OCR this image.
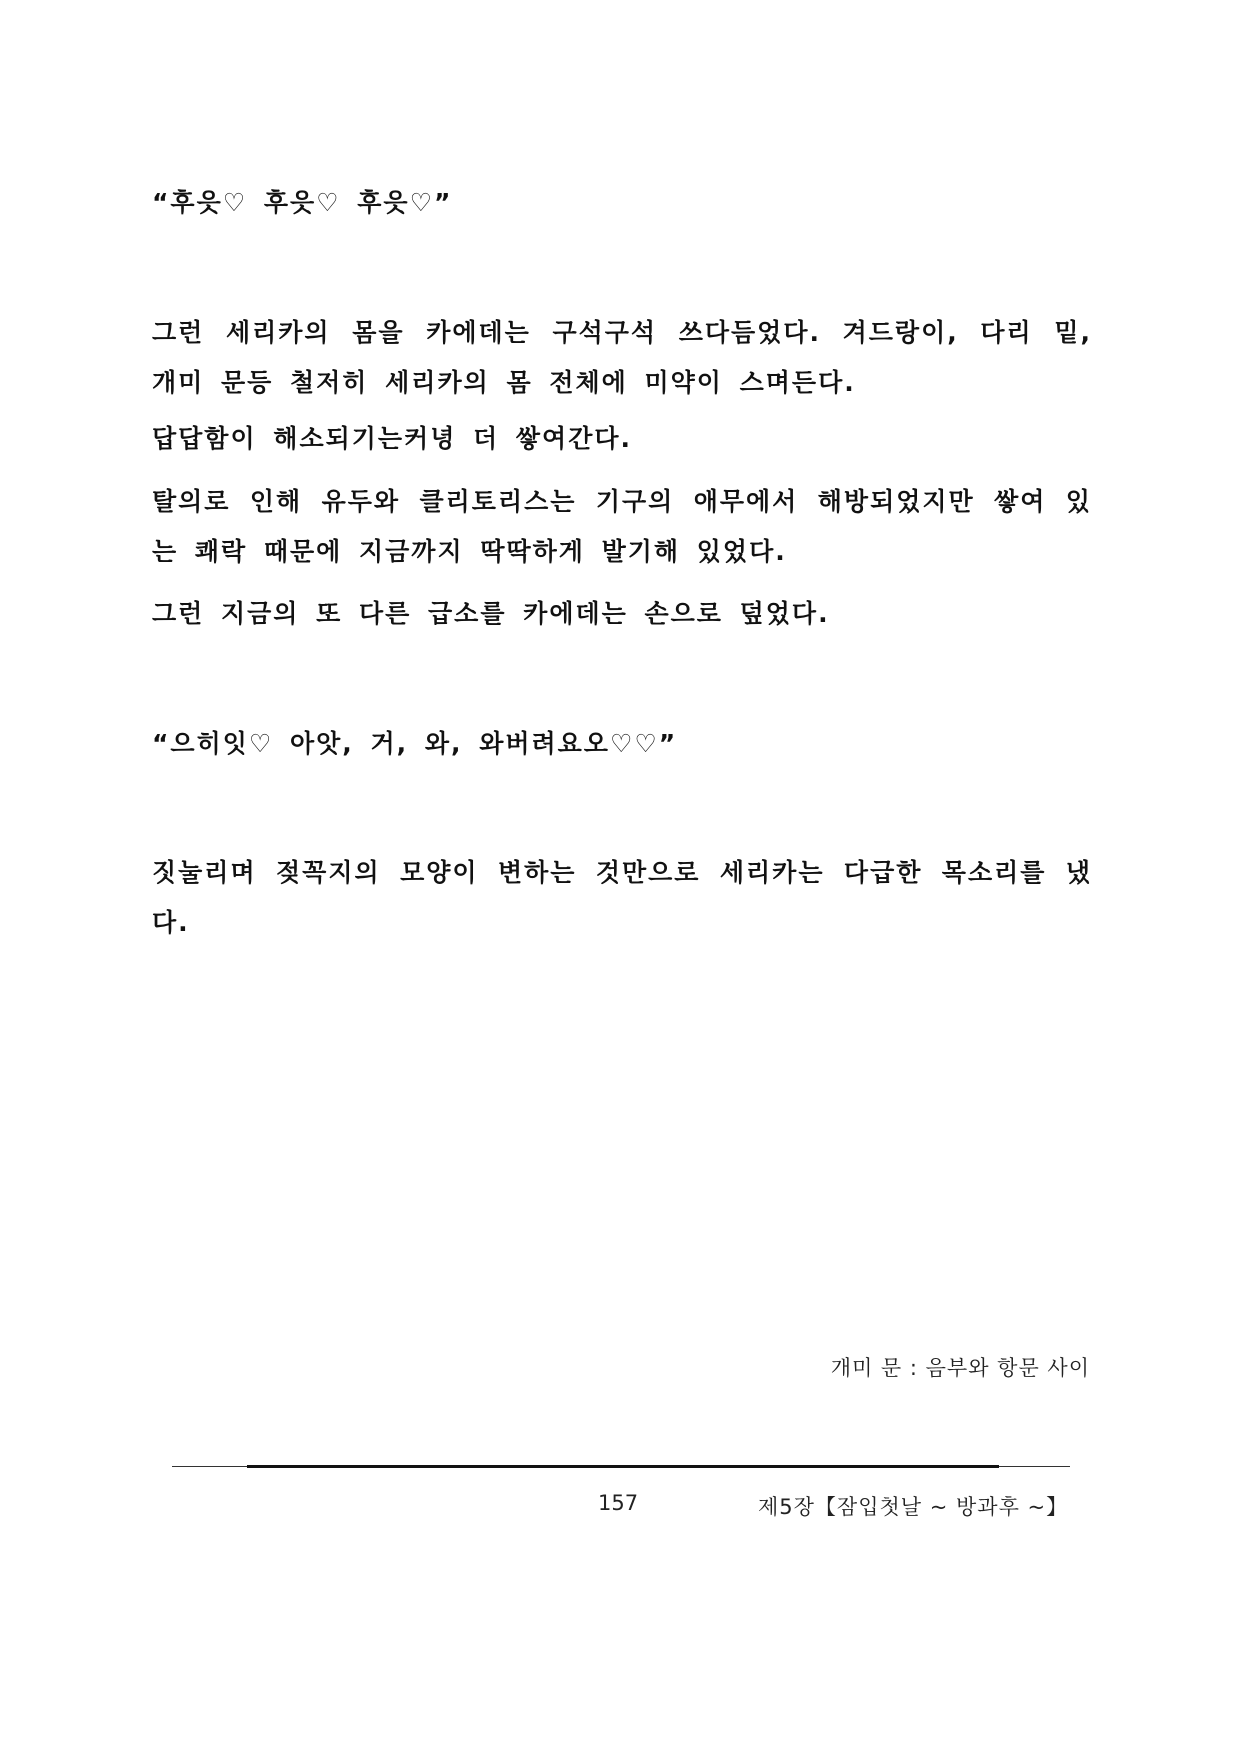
“후읏♡ 후읏♡ 후읏♡”

그런 세리카의 몸을 카에데는 구석구석 쓰다듬었다. 겨드랑이, 다리 밑, 개미 문등 철저히 세리카의 몸 전체에 미약이 스며든다.

답답함이 해소되기는커녕 더 쌓여간다.

탈의로 인해 유두와 클리토리스는 기구의 애무에서 해방되었지만 쌓여 있는 쾌락 때문에 지금까지 딱딱하게 발기해 있었다.

그런 지금의 또 다른 급소를 카에데는 손으로 덮었다.

“으히잇♡ 아앗, 거, 와, 와버려요오♡♡”

짓눌리며 젖꼭지의 모양이 변하는 것만으로 세리카는 다급한 목소리를 냈다.

개미 문 : 음부와 항문 사이
157	제5장【잠입첫날 ~ 방과후 ~】
